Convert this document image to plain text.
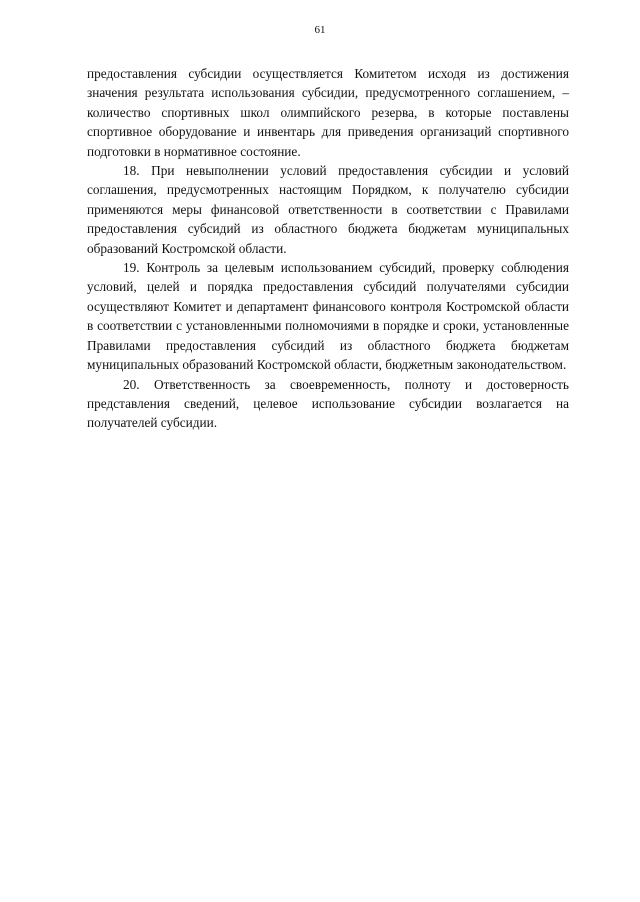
61

предоставления субсидии осуществляется Комитетом исходя из достижения значения результата использования субсидии, предусмотренного соглашением, – количество спортивных школ олимпийского резерва, в которые поставлены спортивное оборудование и инвентарь для приведения организаций спортивного подготовки в нормативное состояние.

18. При невыполнении условий предоставления субсидии и условий соглашения, предусмотренных настоящим Порядком, к получателю субсидии применяются меры финансовой ответственности в соответствии с Правилами предоставления субсидий из областного бюджета бюджетам муниципальных образований Костромской области.

19. Контроль за целевым использованием субсидий, проверку соблюдения условий, целей и порядка предоставления субсидий получателями субсидии осуществляют Комитет и департамент финансового контроля Костромской области в соответствии с установленными полномочиями в порядке и сроки, установленные Правилами предоставления субсидий из областного бюджета бюджетам муниципальных образований Костромской области, бюджетным законодательством.

20. Ответственность за своевременность, полноту и достоверность представления сведений, целевое использование субсидии возлагается на получателей субсидии.
